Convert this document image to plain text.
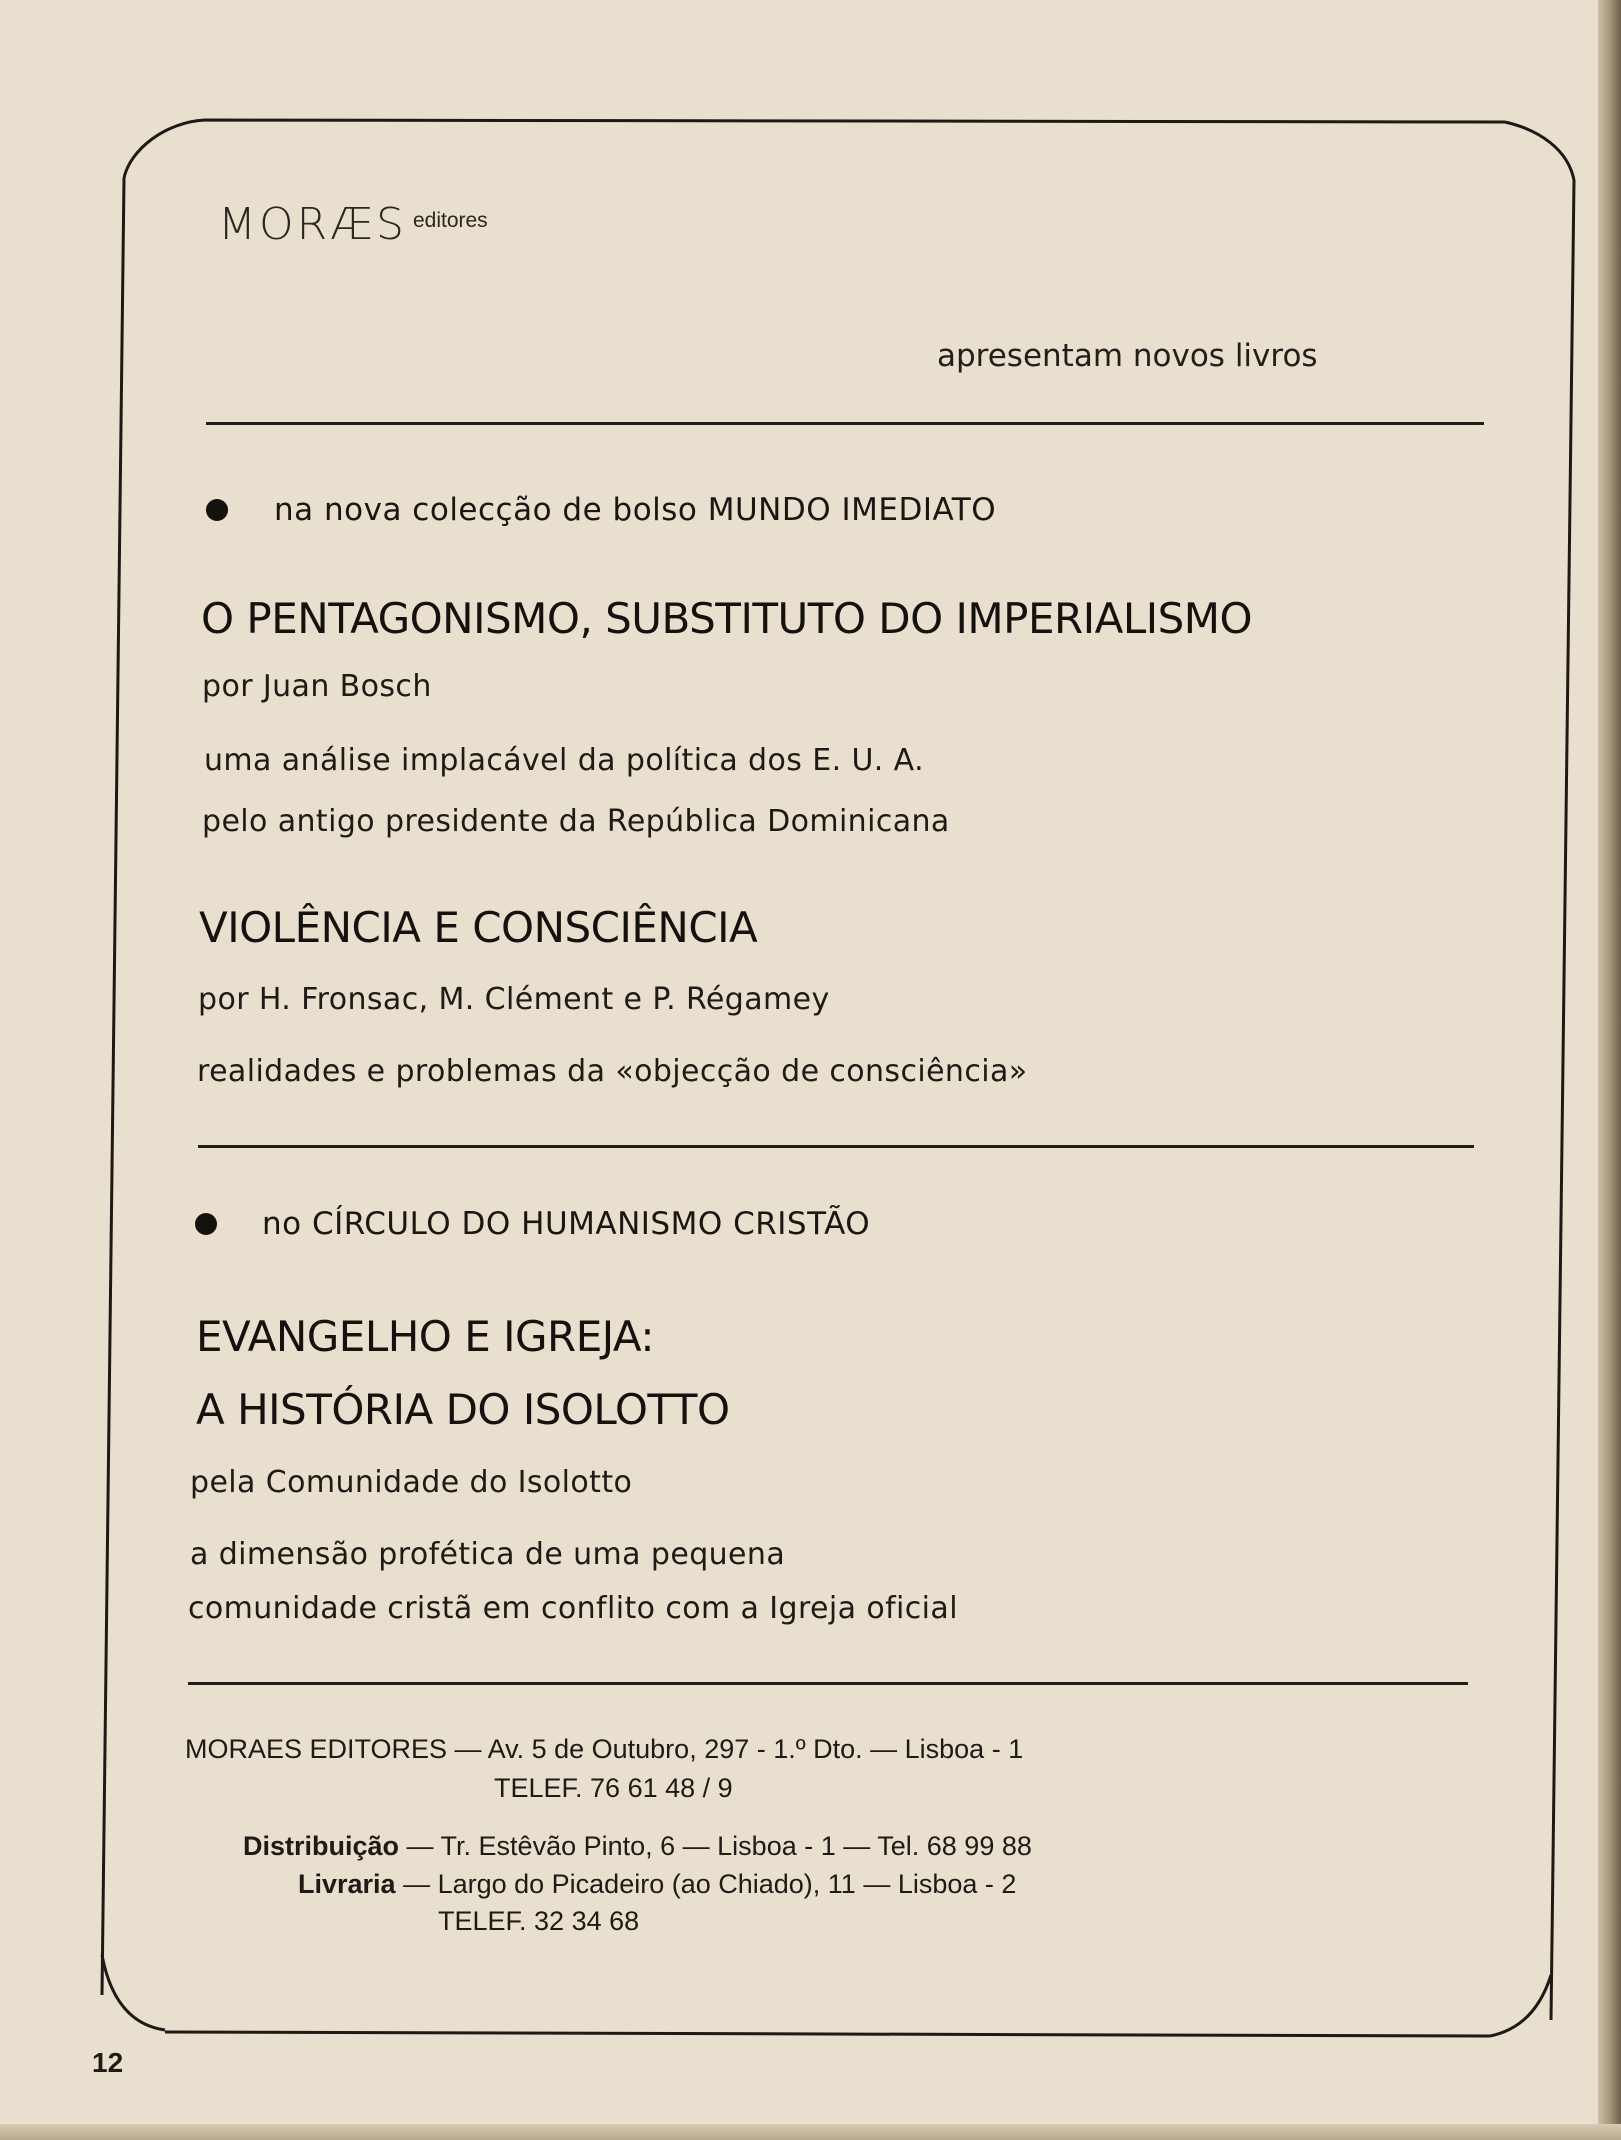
MORÆS editores
apresentam novos livros
na nova colecção de bolso MUNDO IMEDIATO
O PENTAGONISMO, SUBSTITUTO DO IMPERIALISMO
por Juan Bosch
uma análise implacável da política dos E. U. A.
pelo antigo presidente da República Dominicana
VIOLÊNCIA E CONSCIÊNCIA
por H. Fronsac, M. Clément e P. Régamey
realidades e problemas da «objecção de consciência»
no CÍRCULO DO HUMANISMO CRISTÃO
EVANGELHO E IGREJA:
A HISTÓRIA DO ISOLOTTO
pela Comunidade do Isolotto
a dimensão profética de uma pequena
comunidade cristã em conflito com a Igreja oficial
MORAES EDITORES — Av. 5 de Outubro, 297 - 1.º Dto. — Lisboa - 1
TELEF. 76 61 48 / 9
Distribuição — Tr. Estêvão Pinto, 6 — Lisboa - 1 — Tel. 68 99 88
Livraria — Largo do Picadeiro (ao Chiado), 11 — Lisboa - 2
TELEF. 32 34 68
12
